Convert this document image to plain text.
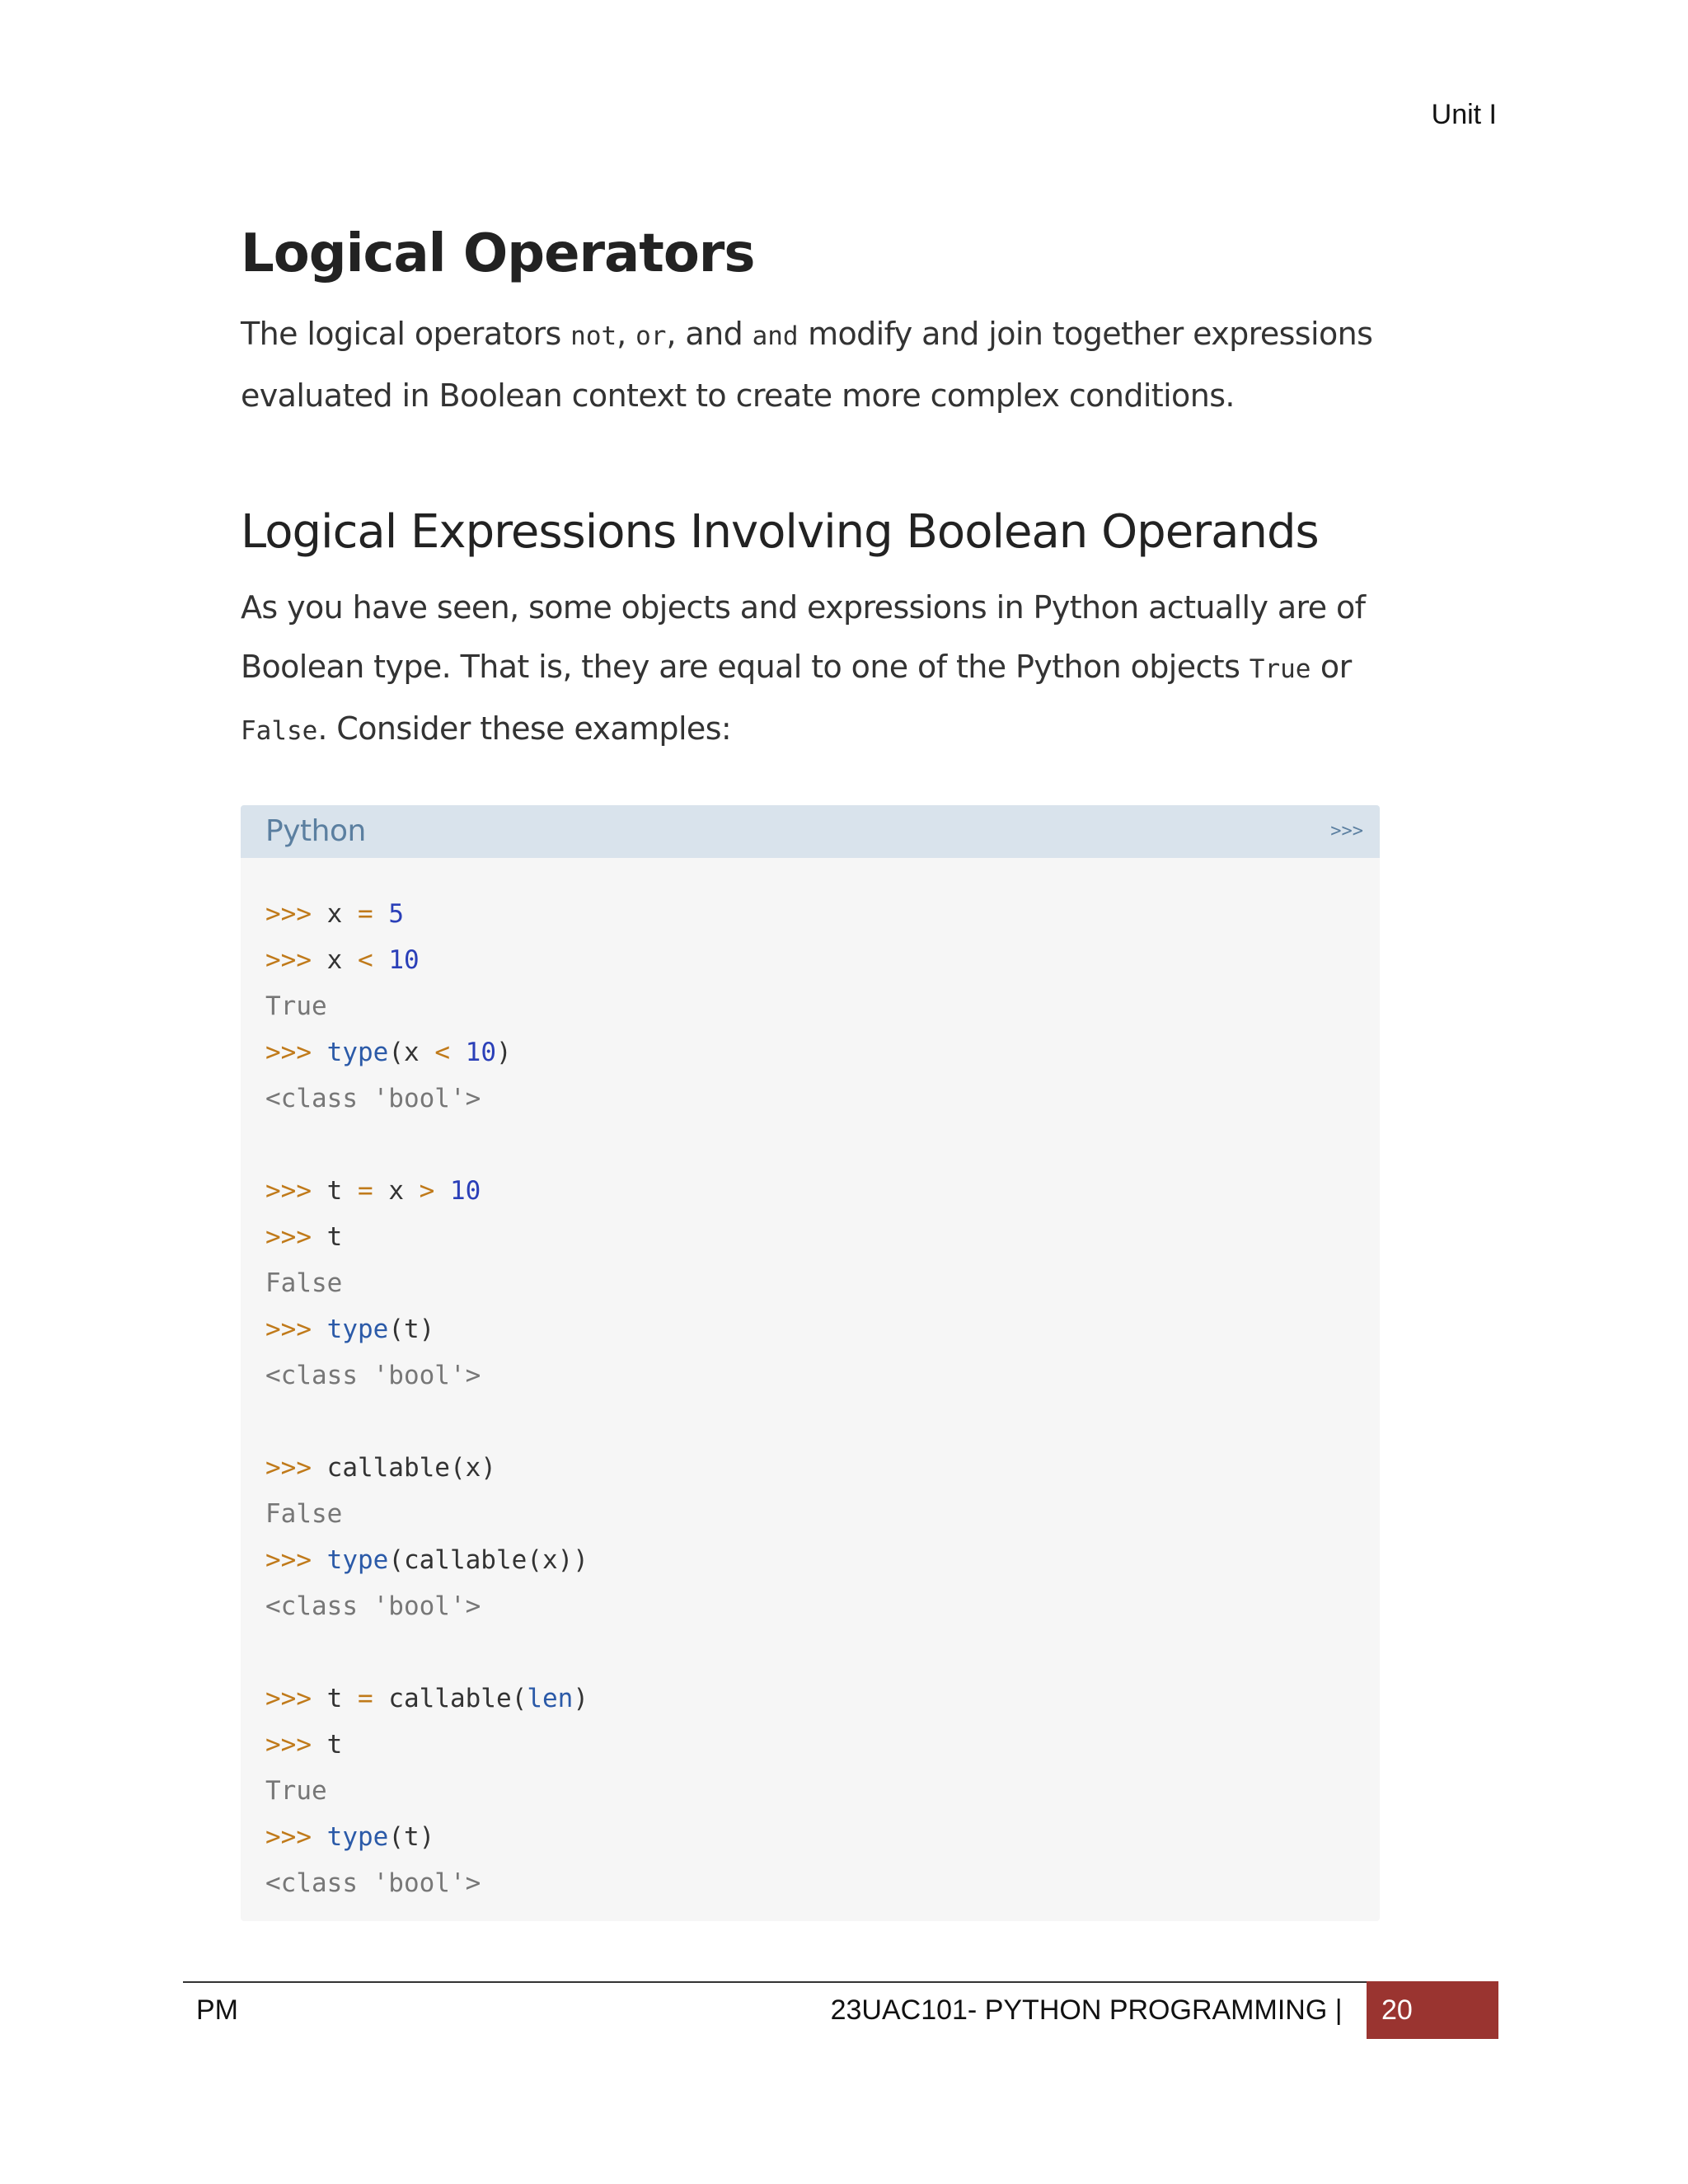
Unit I
Logical Operators

The logical operators not, or, and and modify and join together expressions evaluated in Boolean context to create more complex conditions.

Logical Expressions Involving Boolean Operands

As you have seen, some objects and expressions in Python actually are of Boolean type. That is, they are equal to one of the Python objects True or False. Consider these examples:

Python	>>>
>>> x = 5
>>> x < 10
True
>>> type(x < 10)
<class 'bool'>
>>> t = x > 10
>>> t
False
>>> type(t)
<class 'bool'>
>>> callable(x)
False
>>> type(callable(x))
<class 'bool'>
>>> t = callable(len)
>>> t
True
>>> type(t)
<class 'bool'>
PM	23UAC101- PYTHON PROGRAMMING |	20
